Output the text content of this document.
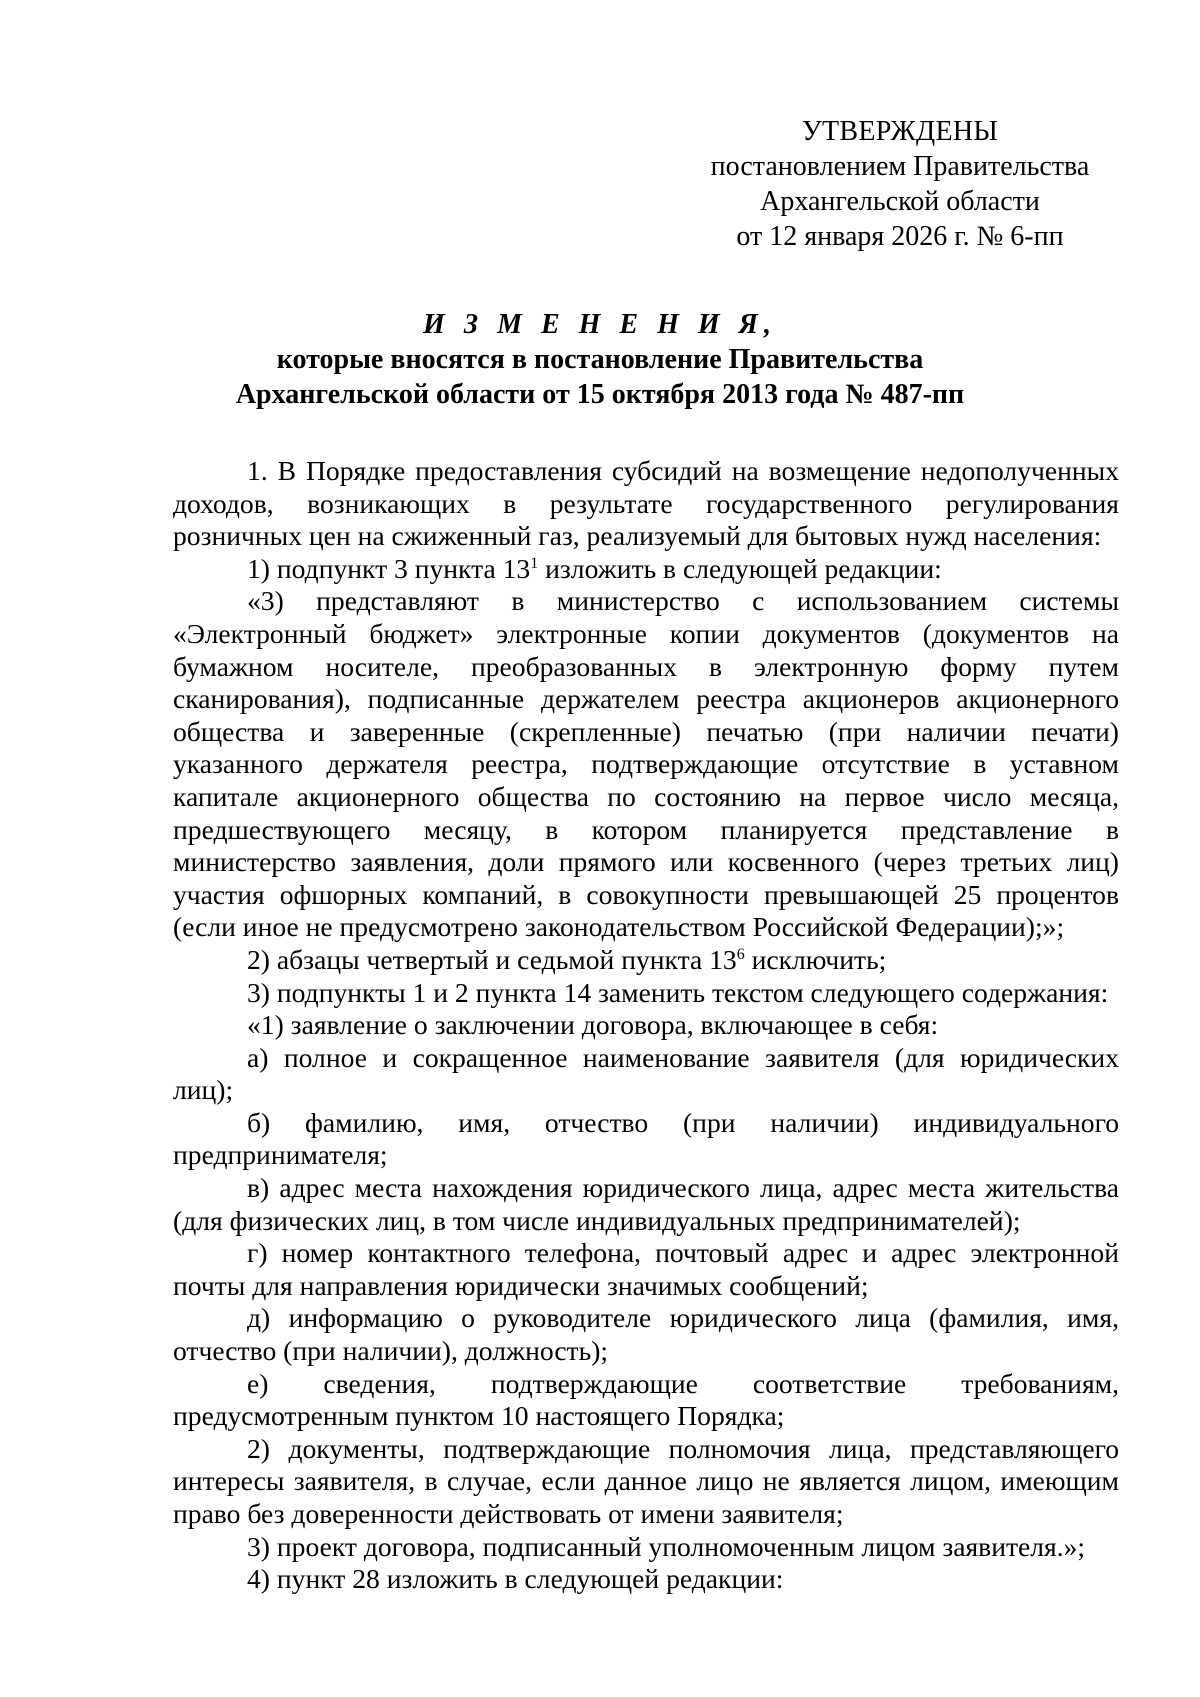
УТВЕРЖДЕНЫ
постановлением Правительства
Архангельской области
от 12 января 2026 г. № 6-пп
И З М Е Н Е Н И Я,
которые вносятся в постановление Правительства
Архангельской области от 15 октября 2013 года № 487-пп

1. В Порядке предоставления субсидий на возмещение недополученных доходов, возникающих в результате государственного регулирования розничных цен на сжиженный газ, реализуемый для бытовых нужд населения:

1) подпункт 3 пункта $13^1$ изложить в следующей редакции:

«3) представляют в министерство с использованием системы «Электронный бюджет» электронные копии документов (документов на бумажном носителе, преобразованных в электронную форму путем сканирования), подписанные держателем реестра акционеров акционерного общества и заверенные (скрепленные) печатью (при наличии печати) указанного держателя реестра, подтверждающие отсутствие в уставном капитале акционерного общества по состоянию на первое число месяца, предшествующего месяцу, в котором планируется представление в министерство заявления, доли прямого или косвенного (через третьих лиц) участия офшорных компаний, в совокупности превышающей 25 процентов (если иное не предусмотрено законодательством Российской Федерации);»;

2) абзацы четвертый и седьмой пункта $13^6$ исключить;

3) подпункты 1 и 2 пункта 14 заменить текстом следующего содержания:

«1) заявление о заключении договора, включающее в себя:

а) полное и сокращенное наименование заявителя (для юридических лиц);

б) фамилию, имя, отчество (при наличии) индивидуального предпринимателя;

в) адрес места нахождения юридического лица, адрес места жительства (для физических лиц, в том числе индивидуальных предпринимателей);

г) номер контактного телефона, почтовый адрес и адрес электронной почты для направления юридически значимых сообщений;

д) информацию о руководителе юридического лица (фамилия, имя, отчество (при наличии), должность);

е) сведения, подтверждающие соответствие требованиям, предусмотренным пунктом 10 настоящего Порядка;

2) документы, подтверждающие полномочия лица, представляющего интересы заявителя, в случае, если данное лицо не является лицом, имеющим право без доверенности действовать от имени заявителя;

3) проект договора, подписанный уполномоченным лицом заявителя.»;

4) пункт 28 изложить в следующей редакции:
